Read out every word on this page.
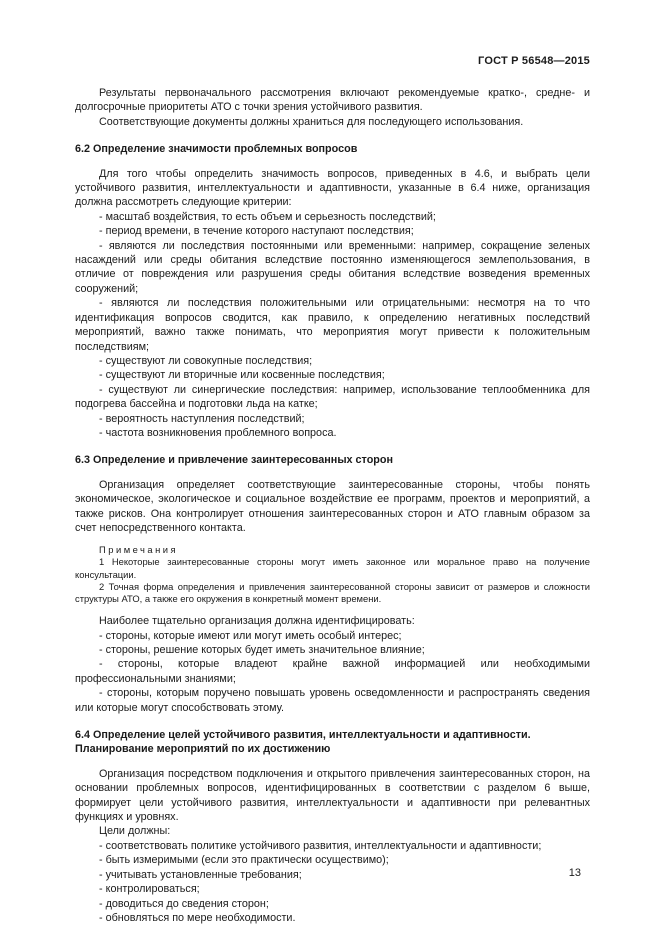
ГОСТ Р 56548—2015
Результаты первоначального рассмотрения включают рекомендуемые кратко-, средне- и долгосрочные приоритеты АТО с точки зрения устойчивого развития.
Соответствующие документы должны храниться для последующего использования.
6.2 Определение значимости проблемных вопросов
Для того чтобы определить значимость вопросов, приведенных в 4.6, и выбрать цели устойчивого развития, интеллектуальности и адаптивности, указанные в 6.4 ниже, организация должна рассмотреть следующие критерии:
- масштаб воздействия, то есть объем и серьезность последствий;
- период времени, в течение которого наступают последствия;
- являются ли последствия постоянными или временными: например, сокращение зеленых насаждений или среды обитания вследствие постоянно изменяющегося землепользования, в отличие от повреждения или разрушения среды обитания вследствие возведения временных сооружений;
- являются ли последствия положительными или отрицательными: несмотря на то что идентификация вопросов сводится, как правило, к определению негативных последствий мероприятий, важно также понимать, что мероприятия могут привести к положительным последствиям;
- существуют ли совокупные последствия;
- существуют ли вторичные или косвенные последствия;
- существуют ли синергические последствия: например, использование теплообменника для подогрева бассейна и подготовки льда на катке;
- вероятность наступления последствий;
- частота возникновения проблемного вопроса.
6.3 Определение и привлечение заинтересованных сторон
Организация определяет соответствующие заинтересованные стороны, чтобы понять экономическое, экологическое и социальное воздействие ее программ, проектов и мероприятий, а также рисков. Она контролирует отношения заинтересованных сторон и АТО главным образом за счет непосредственного контакта.
Примечания
1 Некоторые заинтересованные стороны могут иметь законное или моральное право на получение консультации.
2 Точная форма определения и привлечения заинтересованной стороны зависит от размеров и сложности структуры АТО, а также его окружения в конкретный момент времени.
Наиболее тщательно организация должна идентифицировать:
- стороны, которые имеют или могут иметь особый интерес;
- стороны, решение которых будет иметь значительное влияние;
- стороны, которые владеют крайне важной информацией или необходимыми профессиональными знаниями;
- стороны, которым поручено повышать уровень осведомленности и распространять сведения или которые могут способствовать этому.
6.4 Определение целей устойчивого развития, интеллектуальности и адаптивности. Планирование мероприятий по их достижению
Организация посредством подключения и открытого привлечения заинтересованных сторон, на основании проблемных вопросов, идентифицированных в соответствии с разделом 6 выше, формирует цели устойчивого развития, интеллектуальности и адаптивности при релевантных функциях и уровнях.
Цели должны:
- соответствовать политике устойчивого развития, интеллектуальности и адаптивности;
- быть измеримыми (если это практически осуществимо);
- учитывать установленные требования;
- контролироваться;
- доводиться до сведения сторон;
- обновляться по мере необходимости.
13
